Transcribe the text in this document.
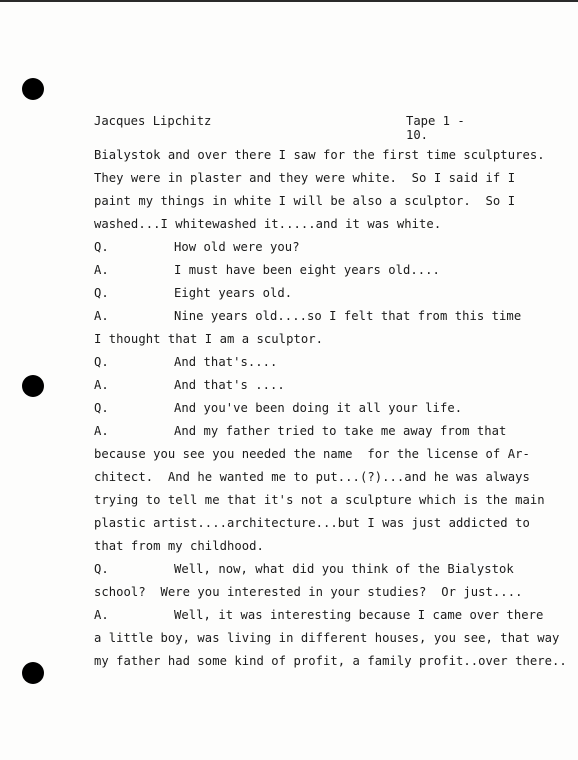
Jacques Lipchitz	Tape 1 - 10.
Bialystok and over there I saw for the first time sculptures.
They were in plaster and they were white.  So I said if I
paint my things in white I will be also a sculptor.  So I
washed...I whitewashed it.....and it was white.

Q.

	How old were you?

A.

	I must have been eight years old....

Q.

	Eight years old.

A.

	Nine years old....so I felt that from this time

I thought that I am a sculptor.

Q.

	And that's....

A.

	And that's ....

Q.

	And you've been doing it all your life.

A.

	And my father tried to take me away from that

because you see you needed the name  for the license of Ar-
chitect.  And he wanted me to put...(?)...and he was always
trying to tell me that it's not a sculpture which is the main
plastic artist....architecture...but I was just addicted to
that from my childhood.

Q.

	Well, now, what did you think of the Bialystok

school?  Were you interested in your studies?  Or just....

A.

	Well, it was interesting because I came over there

a little boy, was living in different houses, you see, that way
my father had some kind of profit, a family profit..over there..
